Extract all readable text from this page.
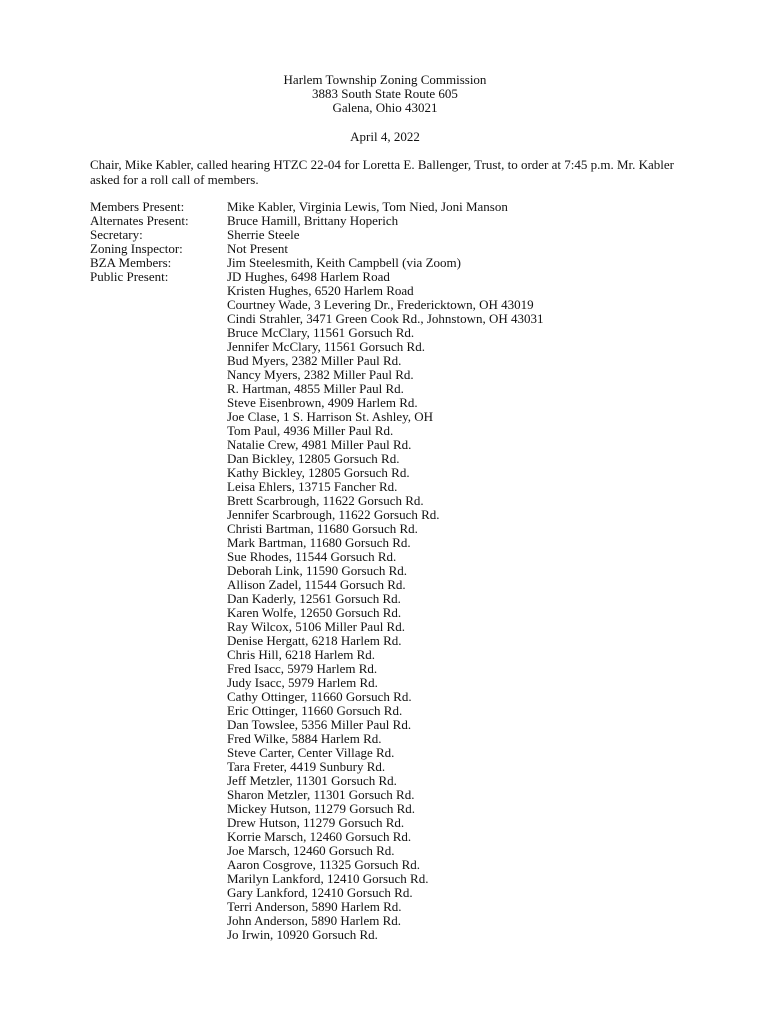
Harlem Township Zoning Commission
3883 South State Route 605
Galena, Ohio 43021
April 4, 2022
Chair, Mike Kabler, called hearing HTZC 22-04 for Loretta E. Ballenger, Trust, to order at 7:45 p.m. Mr. Kabler asked for a roll call of members.
Members Present:	Mike Kabler, Virginia Lewis, Tom Nied, Joni Manson
Alternates Present:	Bruce Hamill, Brittany Hoperich
Secretary:	Sherrie Steele
Zoning Inspector:	Not Present
BZA Members:	Jim Steelesmith, Keith Campbell (via Zoom)
Public Present:	JD Hughes, 6498 Harlem Road
Kristen Hughes, 6520 Harlem Road
Courtney Wade, 3 Levering Dr., Fredericktown, OH 43019
Cindi Strahler, 3471 Green Cook Rd., Johnstown, OH 43031
Bruce McClary, 11561 Gorsuch Rd.
Jennifer McClary, 11561 Gorsuch Rd.
Bud Myers, 2382 Miller Paul Rd.
Nancy Myers, 2382 Miller Paul Rd.
R. Hartman, 4855 Miller Paul Rd.
Steve Eisenbrown, 4909 Harlem Rd.
Joe Clase, 1 S. Harrison St. Ashley, OH
Tom Paul, 4936 Miller Paul Rd.
Natalie Crew, 4981 Miller Paul Rd.
Dan Bickley, 12805 Gorsuch Rd.
Kathy Bickley, 12805 Gorsuch Rd.
Leisa Ehlers, 13715 Fancher Rd.
Brett Scarbrough, 11622 Gorsuch Rd.
Jennifer Scarbrough, 11622 Gorsuch Rd.
Christi Bartman, 11680 Gorsuch Rd.
Mark Bartman, 11680 Gorsuch Rd.
Sue Rhodes, 11544 Gorsuch Rd.
Deborah Link, 11590 Gorsuch Rd.
Allison Zadel, 11544 Gorsuch Rd.
Dan Kaderly, 12561 Gorsuch Rd.
Karen Wolfe, 12650 Gorsuch Rd.
Ray Wilcox, 5106 Miller Paul Rd.
Denise Hergatt, 6218 Harlem Rd.
Chris Hill, 6218 Harlem Rd.
Fred Isacc, 5979 Harlem Rd.
Judy Isacc, 5979 Harlem Rd.
Cathy Ottinger, 11660 Gorsuch Rd.
Eric Ottinger, 11660 Gorsuch Rd.
Dan Towslee, 5356 Miller Paul Rd.
Fred Wilke, 5884 Harlem Rd.
Steve Carter, Center Village Rd.
Tara Freter, 4419 Sunbury Rd.
Jeff Metzler, 11301 Gorsuch Rd.
Sharon Metzler, 11301 Gorsuch Rd.
Mickey Hutson, 11279 Gorsuch Rd.
Drew Hutson, 11279 Gorsuch Rd.
Korrie Marsch, 12460 Gorsuch Rd.
Joe Marsch, 12460 Gorsuch Rd.
Aaron Cosgrove, 11325 Gorsuch Rd.
Marilyn Lankford, 12410 Gorsuch Rd.
Gary Lankford, 12410 Gorsuch Rd.
Terri Anderson, 5890 Harlem Rd.
John Anderson, 5890 Harlem Rd.
Jo Irwin, 10920 Gorsuch Rd.
